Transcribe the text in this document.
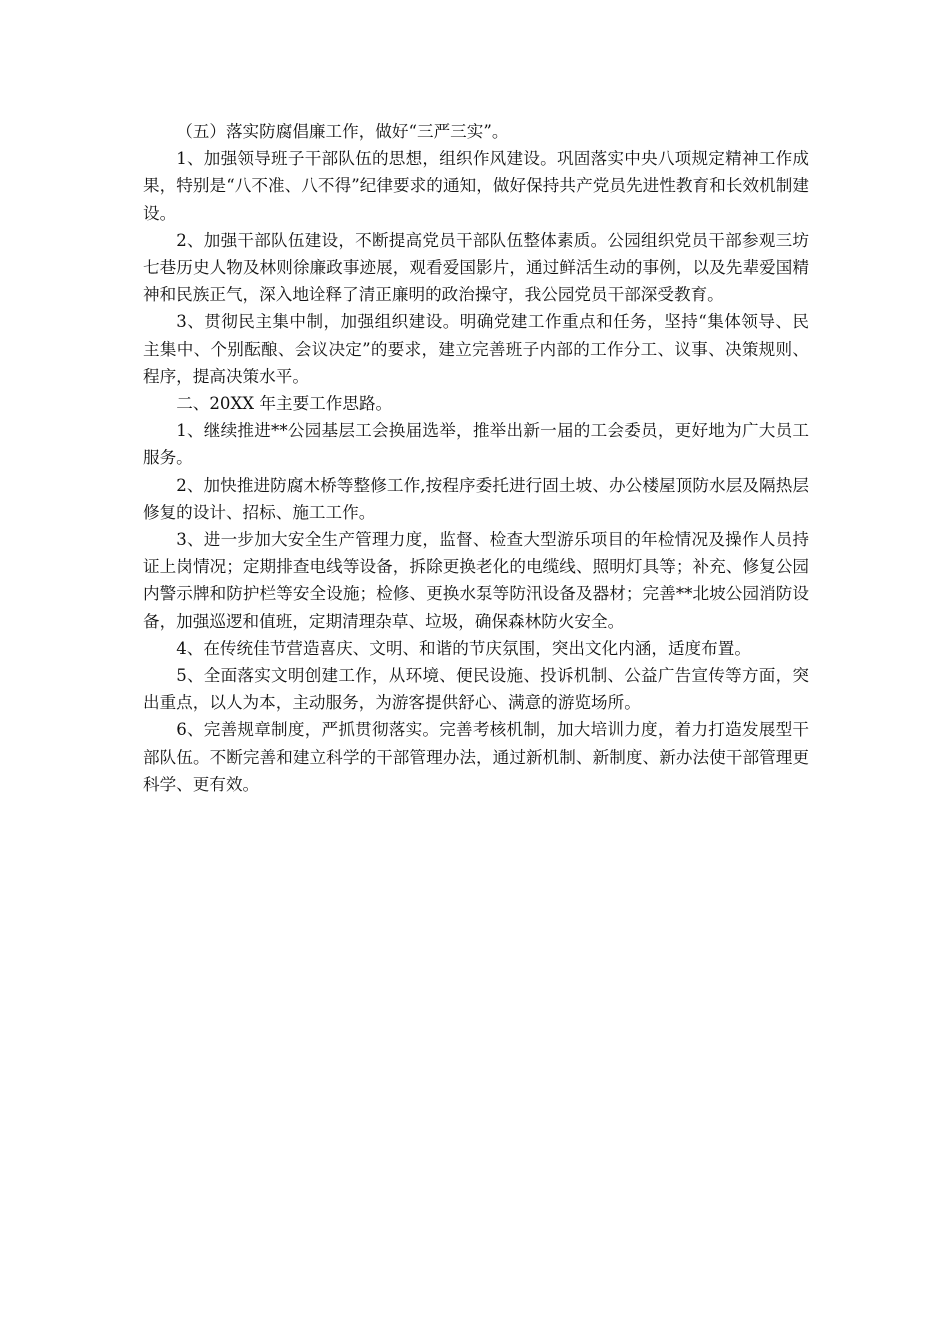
（五）落实防腐倡廉工作，做好“三严三实”。

1、加强领导班子干部队伍的思想，组织作风建设。巩固落实中央八项规定精神工作成果，特别是“八不准、八不得”纪律要求的通知，做好保持共产党员先进性教育和长效机制建设。

2、加强干部队伍建设，不断提高党员干部队伍整体素质。公园组织党员干部参观三坊七巷历史人物及林则徐廉政事迹展，观看爱国影片，通过鲜活生动的事例，以及先辈爱国精神和民族正气，深入地诠释了清正廉明的政治操守，我公园党员干部深受教育。

3、贯彻民主集中制，加强组织建设。明确党建工作重点和任务，坚持“集体领导、民主集中、个别酝酿、会议决定”的要求，建立完善班子内部的工作分工、议事、决策规则、程序，提高决策水平。

二、20XX 年主要工作思路。

1、继续推进**公园基层工会换届选举，推举出新一届的工会委员，更好地为广大员工服务。

2、加快推进防腐木桥等整修工作,按程序委托进行固土坡、办公楼屋顶防水层及隔热层修复的设计、招标、施工工作。

3、进一步加大安全生产管理力度，监督、检查大型游乐项目的年检情况及操作人员持证上岗情况；定期排查电线等设备，拆除更换老化的电缆线、照明灯具等；补充、修复公园内警示牌和防护栏等安全设施；检修、更换水泵等防汛设备及器材；完善**北坡公园消防设备，加强巡逻和值班，定期清理杂草、垃圾，确保森林防火安全。

4、在传统佳节营造喜庆、文明、和谐的节庆氛围，突出文化内涵，适度布置。

5、全面落实文明创建工作，从环境、便民设施、投诉机制、公益广告宣传等方面，突出重点，以人为本，主动服务，为游客提供舒心、满意的游览场所。

6、完善规章制度，严抓贯彻落实。完善考核机制，加大培训力度，着力打造发展型干部队伍。不断完善和建立科学的干部管理办法，通过新机制、新制度、新办法使干部管理更科学、更有效。
